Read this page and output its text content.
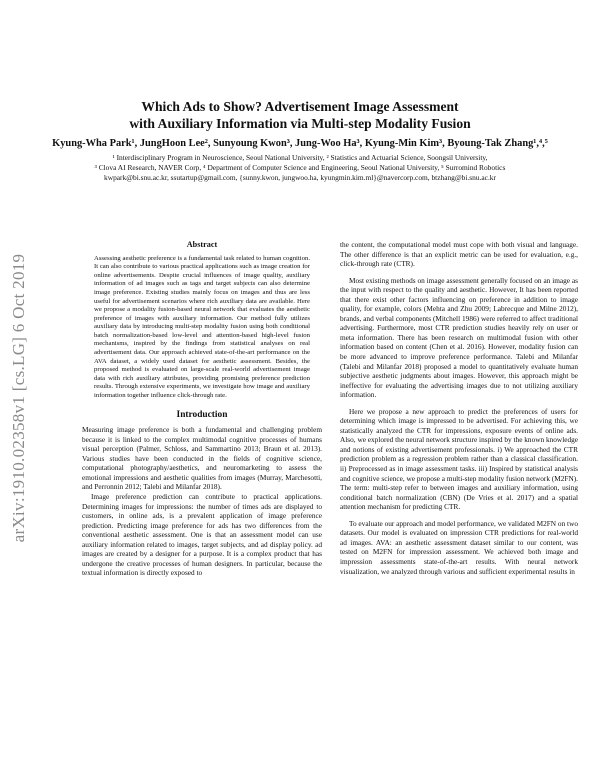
arXiv:1910.02358v1 [cs.LG] 6 Oct 2019
Which Ads to Show? Advertisement Image Assessment
with Auxiliary Information via Multi-step Modality Fusion
Kyung-Wha Park¹, JungHoon Lee², Sunyoung Kwon³, Jung-Woo Ha³, Kyung-Min Kim³, Byoung-Tak Zhang¹,⁴,⁵
¹ Interdisciplinary Program in Neuroscience, Seoul National University, ² Statistics and Actuarial Science, Soongsil University,
³ Clova AI Research, NAVER Corp, ⁴ Department of Computer Science and Engineering, Seoul National University, ⁵ Surromind Robotics
kwpark@bi.snu.ac.kr, ssutartup@gmail.com, {sunny.kwon, jungwoo.ha, kyungmin.kim.ml}@navercorp.com, btzhang@bi.snu.ac.kr
Abstract
Assessing aesthetic preference is a fundamental task related to human cognition. It can also contribute to various practical applications such as image creation for online advertisements. Despite crucial influences of image quality, auxiliary information of ad images such as tags and target subjects can also determine image preference. Existing studies mainly focus on images and thus are less useful for advertisement scenarios where rich auxiliary data are available. Here we propose a modality fusion-based neural network that evaluates the aesthetic preference of images with auxiliary information. Our method fully utilizes auxiliary data by introducing multi-step modality fusion using both conditional batch normalization-based low-level and attention-based high-level fusion mechanisms, inspired by the findings from statistical analyses on real advertisement data. Our approach achieved state-of-the-art performance on the AVA dataset, a widely used dataset for aesthetic assessment. Besides, the proposed method is evaluated on large-scale real-world advertisement image data with rich auxiliary attributes, providing promising preference prediction results. Through extensive experiments, we investigate how image and auxiliary information together influence click-through rate.
Introduction

Measuring image preference is both a fundamental and challenging problem because it is linked to the complex multimodal cognitive processes of humans visual perception (Palmer, Schloss, and Sammartino 2013; Braun et al. 2013). Various studies have been conducted in the fields of cognitive science, computational photography/aesthetics, and neuromarketing to assess the emotional impressions and aesthetic qualities from images (Murray, Marchesotti, and Perronnin 2012; Talebi and Milanfar 2018).

Image preference prediction can contribute to practical applications. Determining images for impressions: the number of times ads are displayed to customers, in online ads, is a prevalent application of image preference prediction. Predicting image preference for ads has two differences from the conventional aesthetic assessment. One is that an assessment model can use auxiliary information related to images, target subjects, and ad display policy. ad images are created by a designer for a purpose. It is a complex product that has undergone the creative processes of human designers. In particular, because the textual information is directly exposed to

the content, the computational model must cope with both visual and language. The other difference is that an explicit metric can be used for evaluation, e.g., click-through rate (CTR).

Most existing methods on image assessment generally focused on an image as the input with respect to the quality and aesthetic. However, It has been reported that there exist other factors influencing on preference in addition to image quality, for example, colors (Mehta and Zhu 2009; Labrecque and Milne 2012), brands, and verbal components (Mitchell 1986) were referred to affect traditional advertising. Furthermore, most CTR prediction studies heavily rely on user or meta information. There has been research on multimodal fusion with other information based on content (Chen et al. 2016). However, modality fusion can be more advanced to improve preference performance. Talebi and Milanfar (Talebi and Milanfar 2018) proposed a model to quantitatively evaluate human subjective aesthetic judgments about images. However, this approach might be ineffective for evaluating the advertising images due to not utilizing auxiliary information.

Here we propose a new approach to predict the preferences of users for determining which image is impressed to be advertised. For achieving this, we statistically analyzed the CTR for impressions, exposure events of online ads. Also, we explored the neural network structure inspired by the known knowledge and notions of existing advertisement professionals. i) We approached the CTR prediction problem as a regression problem rather than a classical classification. ii) Preprocessed as in image assessment tasks. iii) Inspired by statistical analysis and cognitive science, we propose a multi-step modality fusion network (M2FN). The term: multi-step refer to between images and auxiliary information, using conditional batch normalization (CBN) (De Vries et al. 2017) and a spatial attention mechanism for predicting CTR.

To evaluate our approach and model performance, we validated M2FN on two datasets. Our model is evaluated on impression CTR predictions for real-world ad images. AVA: an aesthetic assessment dataset similar to our content, was tested on M2FN for impression assessment. We achieved both image and impression assessments state-of-the-art results. With neural network visualization, we analyzed through various and sufficient experimental results in
